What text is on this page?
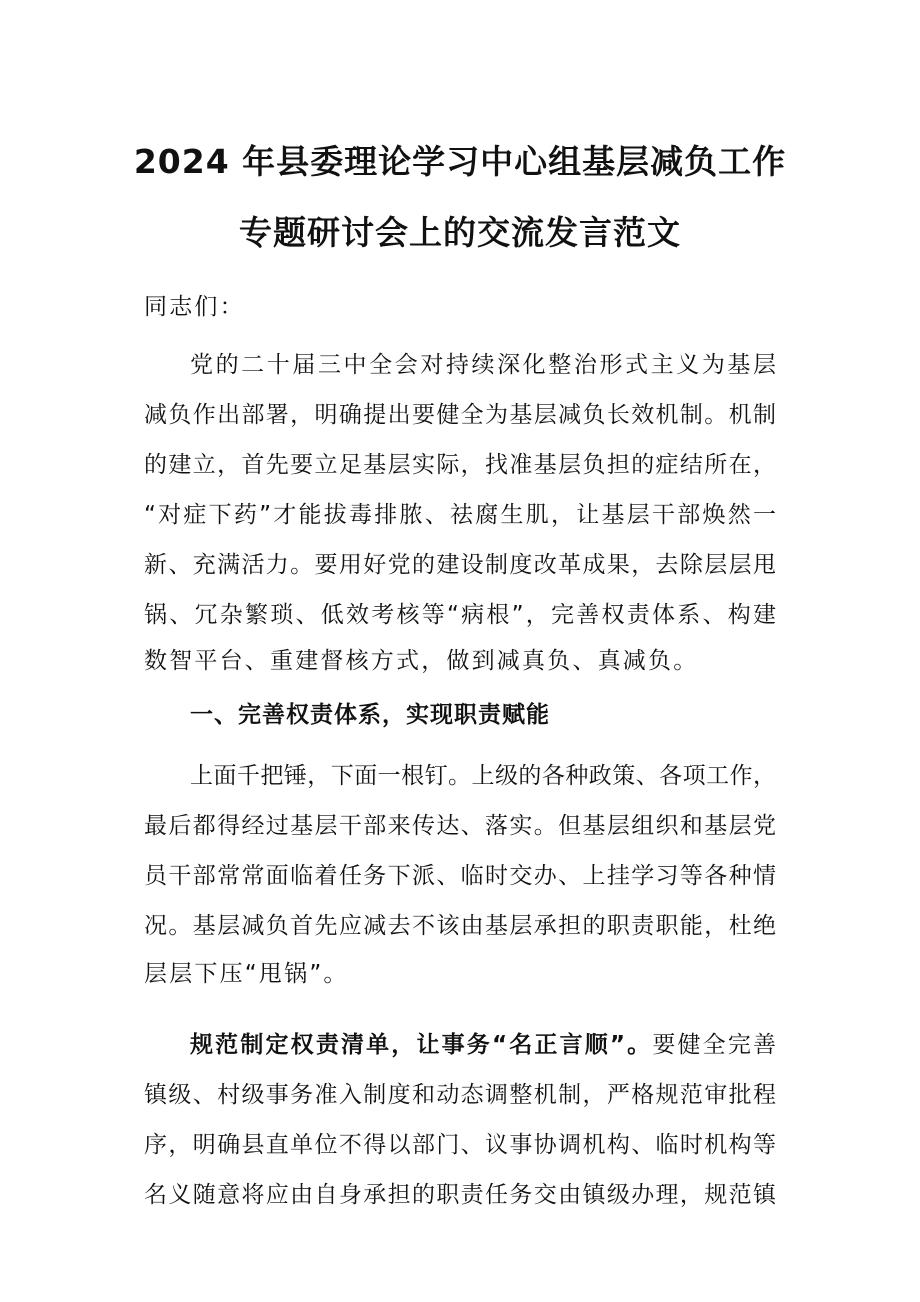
2024 年县委理论学习中心组基层减负工作
专题研讨会上的交流发言范文
同志们：
党的二十届三中全会对持续深化整治形式主义为基层
减负作出部署，明确提出要健全为基层减负长效机制。机制
的建立，首先要立足基层实际，找准基层负担的症结所在，
“对症下药”才能拔毒排脓、祛腐生肌，让基层干部焕然一
新、充满活力。要用好党的建设制度改革成果，去除层层甩
锅、冗杂繁琐、低效考核等“病根”，完善权责体系、构建
数智平台、重建督核方式，做到减真负、真减负。
一、完善权责体系，实现职责赋能
上面千把锤，下面一根钉。上级的各种政策、各项工作，
最后都得经过基层干部来传达、落实。但基层组织和基层党
员干部常常面临着任务下派、临时交办、上挂学习等各种情
况。基层减负首先应减去不该由基层承担的职责职能，杜绝
层层下压“甩锅”。
规范制定权责清单，让事务“名正言顺”。要健全完善
镇级、村级事务准入制度和动态调整机制，严格规范审批程
序，明确县直单位不得以部门、议事协调机构、临时机构等
名义随意将应由自身承担的职责任务交由镇级办理，规范镇
